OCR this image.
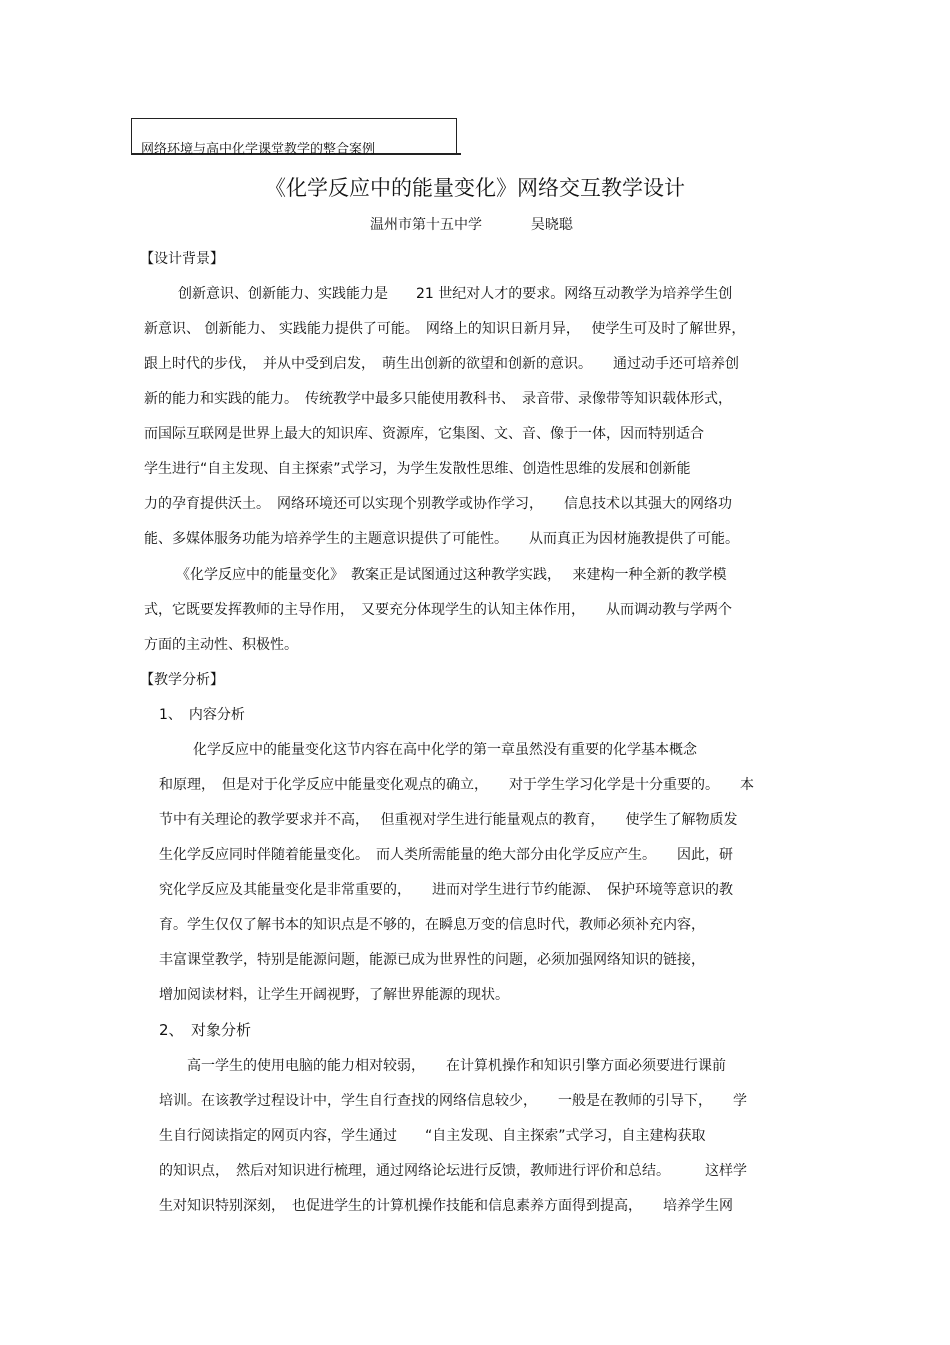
网络环境与高中化学课堂教学的整合案例
《化学反应中的能量变化》网络交互教学设计
温州市第十五中学	吴晓聪
【设计背景】
创新意识、创新能力、实践能力是　　21 世纪对人才的要求。网络互动教学为培养学生创
新意识、 创新能力、 实践能力提供了可能。　网络上的知识日新月异，　 使学生可及时了解世界，
跟上时代的步伐，　并从中受到启发，　萌生出创新的欲望和创新的意识。　　通过动手还可培养创
新的能力和实践的能力。　传统教学中最多只能使用教科书、　录音带、录像带等知识载体形式，
而国际互联网是世界上最大的知识库、资源库，它集图、文、音、像于一体，因而特别适合
学生进行“自主发现、自主探索”式学习，为学生发散性思维、创造性思维的发展和创新能
力的孕育提供沃土。　网络环境还可以实现个别教学或协作学习，　　信息技术以其强大的网络功
能、多媒体服务功能为培养学生的主题意识提供了可能性。　　从而真正为因材施教提供了可能。
《化学反应中的能量变化》　教案正是试图通过这种教学实践，　 来建构一种全新的教学模
式，它既要发挥教师的主导作用，　又要充分体现学生的认知主体作用，　　从而调动教与学两个
方面的主动性、积极性。
【教学分析】
1、　内容分析
化学反应中的能量变化这节内容在高中化学的第一章虽然没有重要的化学基本概念
和原理，　但是对于化学反应中能量变化观点的确立，　　对于学生学习化学是十分重要的。　　本
节中有关理论的教学要求并不高，　 但重视对学生进行能量观点的教育，　　使学生了解物质发
生化学反应同时伴随着能量变化。　而人类所需能量的绝大部分由化学反应产生。　　因此，研
究化学反应及其能量变化是非常重要的，　　进而对学生进行节约能源、　保护环境等意识的教
育。学生仅仅了解书本的知识点是不够的，在瞬息万变的信息时代，教师必须补充内容，
丰富课堂教学，特别是能源问题，能源已成为世界性的问题，必须加强网络知识的链接，
增加阅读材料，让学生开阔视野，了解世界能源的现状。
2、　对象分析
高一学生的使用电脑的能力相对较弱，　　在计算机操作和知识引擎方面必须要进行课前
培训。在该教学过程设计中，学生自行查找的网络信息较少，　　一般是在教师的引导下，　　学
生自行阅读指定的网页内容，学生通过　　“自主发现、自主探索”式学习，自主建构获取
的知识点，　然后对知识进行梳理，通过网络论坛进行反馈，教师进行评价和总结。　　　这样学
生对知识特别深刻，　也促进学生的计算机操作技能和信息素养方面得到提高，　　培养学生网
